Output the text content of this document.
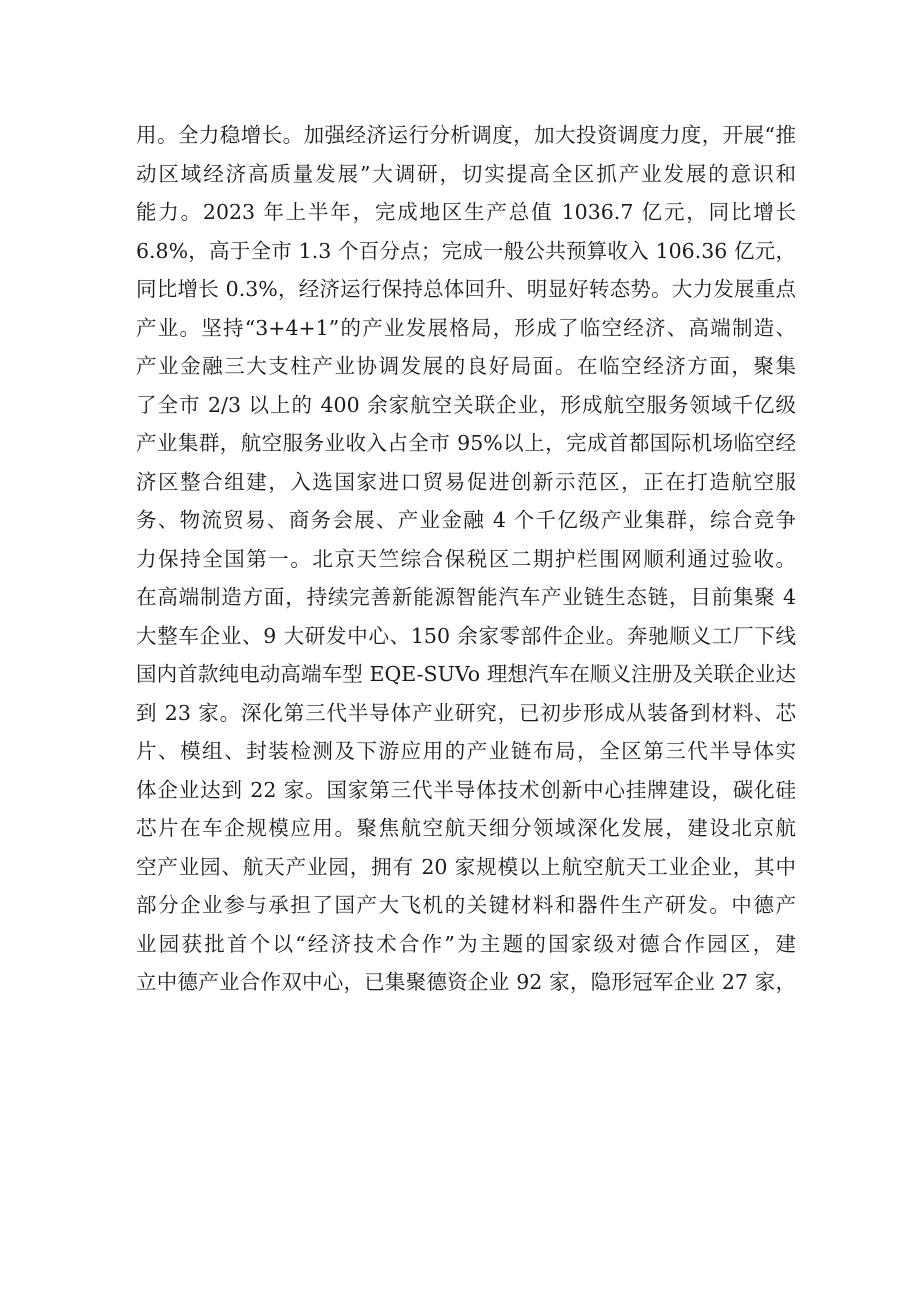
用。全力稳增长。加强经济运行分析调度，加大投资调度力度，开展“推
动区域经济高质量发展”大调研，切实提高全区抓产业发展的意识和
能力。2023 年上半年，完成地区生产总值 1036.7 亿元，同比增长
6.8%，高于全市 1.3 个百分点；完成一般公共预算收入 106.36 亿元，
同比增长 0.3%，经济运行保持总体回升、明显好转态势。大力发展重点
产业。坚持“3+4+1”的产业发展格局，形成了临空经济、高端制造、
产业金融三大支柱产业协调发展的良好局面。在临空经济方面，聚集
了全市 2/3 以上的 400 余家航空关联企业，形成航空服务领域千亿级
产业集群，航空服务业收入占全市 95%以上，完成首都国际机场临空经
济区整合组建，入选国家进口贸易促进创新示范区，正在打造航空服
务、物流贸易、商务会展、产业金融 4 个千亿级产业集群，综合竞争
力保持全国第一。北京天竺综合保税区二期护栏围网顺利通过验收。
在高端制造方面，持续完善新能源智能汽车产业链生态链，目前集聚 4
大整车企业、9 大研发中心、150 余家零部件企业。奔驰顺义工厂下线
国内首款纯电动高端车型 EQE-SUVo 理想汽车在顺义注册及关联企业达
到 23 家。深化第三代半导体产业研究，已初步形成从装备到材料、芯
片、模组、封装检测及下游应用的产业链布局，全区第三代半导体实
体企业达到 22 家。国家第三代半导体技术创新中心挂牌建设，碳化硅
芯片在车企规模应用。聚焦航空航天细分领域深化发展，建设北京航
空产业园、航天产业园，拥有 20 家规模以上航空航天工业企业，其中
部分企业参与承担了国产大飞机的关键材料和器件生产研发。中德产
业园获批首个以“经济技术合作”为主题的国家级对德合作园区，建
立中德产业合作双中心，已集聚德资企业 92 家，隐形冠军企业 27 家，
